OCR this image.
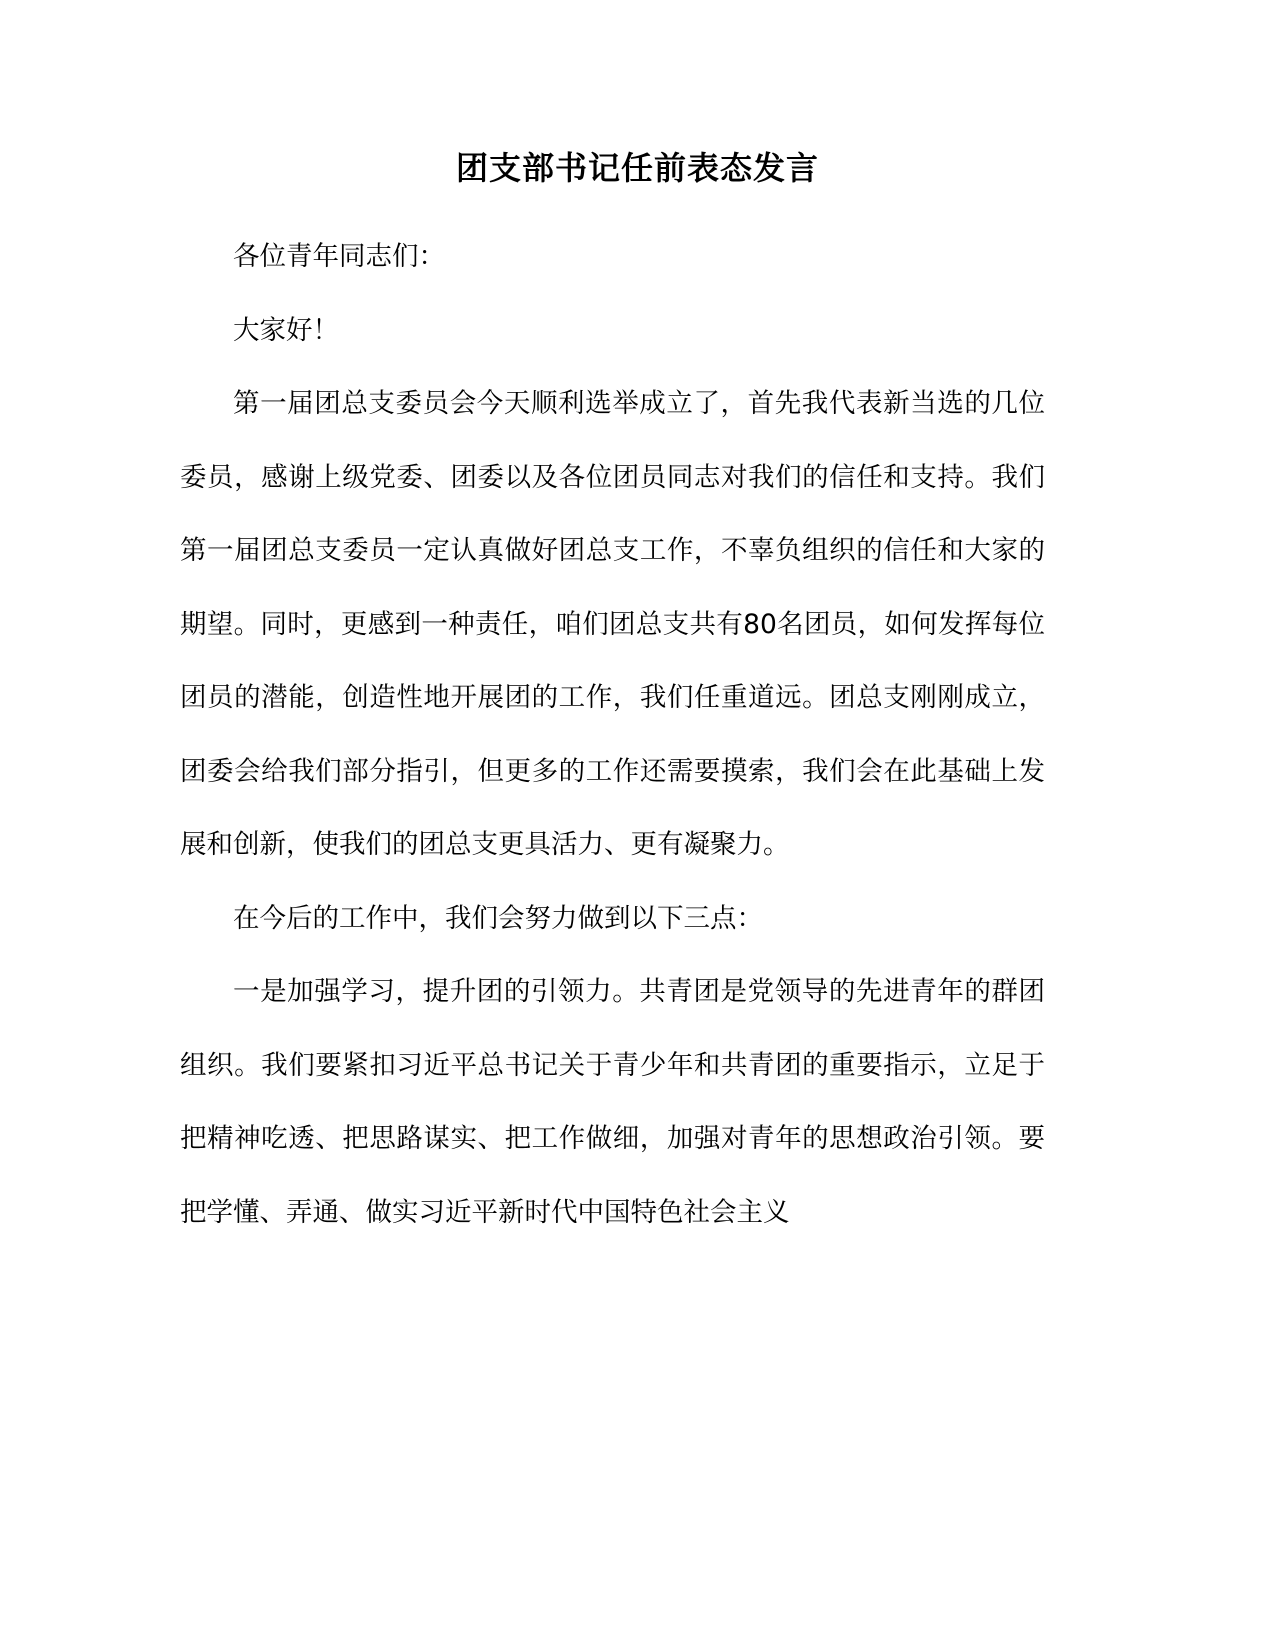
团支部书记任前表态发言

各位青年同志们：

大家好！

第一届团总支委员会今天顺利选举成立了，首先我代表新当选的几位委员，感谢上级党委、团委以及各位团员同志对我们的信任和支持。我们第一届团总支委员一定认真做好团总支工作，不辜负组织的信任和大家的期望。同时，更感到一种责任，咱们团总支共有80名团员，如何发挥每位团员的潜能，创造性地开展团的工作，我们任重道远。团总支刚刚成立，团委会给我们部分指引，但更多的工作还需要摸索，我们会在此基础上发展和创新，使我们的团总支更具活力、更有凝聚力。

在今后的工作中，我们会努力做到以下三点：

一是加强学习，提升团的引领力。共青团是党领导的先进青年的群团组织。我们要紧扣习近平总书记关于青少年和共青团的重要指示，立足于把精神吃透、把思路谋实、把工作做细，加强对青年的思想政治引领。要把学懂、弄通、做实习近平新时代中国特色社会主义
